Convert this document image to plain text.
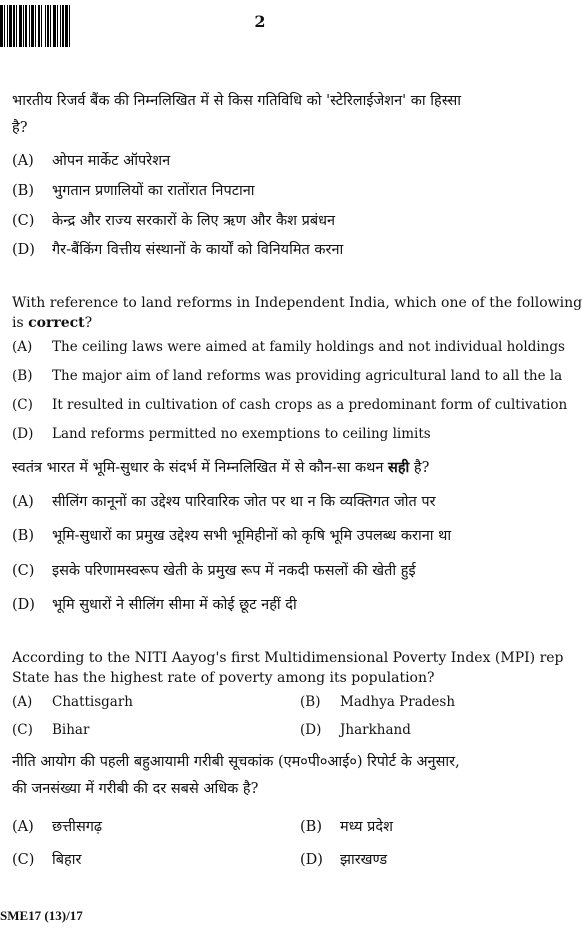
2
भारतीय रिजर्व बैंक की निम्नलिखित में से किस गतिविधि को 'स्टेरिलाईजेशन' का हिस्सा
है?
(A) ओपन मार्केट ऑपरेशन
(B) भुगतान प्रणालियों का रातोंरात निपटाना
(C) केन्द्र और राज्य सरकारों के लिए ऋण और कैश प्रबंधन
(D) गैर-बैंकिंग वित्तीय संस्थानों के कार्यों को विनियमित करना
With reference to land reforms in Independent India, which one of the following
is correct?
(A) The ceiling laws were aimed at family holdings and not individual holdings
(B) The major aim of land reforms was providing agricultural land to all the la
(C) It resulted in cultivation of cash crops as a predominant form of cultivation
(D) Land reforms permitted no exemptions to ceiling limits
स्वतंत्र भारत में भूमि-सुधार के संदर्भ में निम्नलिखित में से कौन-सा कथन सही है?
(A) सीलिंग कानूनों का उद्देश्य पारिवारिक जोत पर था न कि व्यक्तिगत जोत पर
(B) भूमि-सुधारों का प्रमुख उद्देश्य सभी भूमिहीनों को कृषि भूमि उपलब्ध कराना था
(C) इसके परिणामस्वरूप खेती के प्रमुख रूप में नकदी फसलों की खेती हुई
(D) भूमि सुधारों ने सीलिंग सीमा में कोई छूट नहीं दी
According to the NITI Aayog's first Multidimensional Poverty Index (MPI) rep
State has the highest rate of poverty among its population?
(A) Chattisgarh	(B) Madhya Pradesh
(C) Bihar	(D) Jharkhand
नीति आयोग की पहली बहुआयामी गरीबी सूचकांक (एम०पी०आई०) रिपोर्ट के अनुसार,
की जनसंख्या में गरीबी की दर सबसे अधिक है?
(A) छत्तीसगढ़	(B) मध्य प्रदेश
(C) बिहार	(D) झारखण्ड
SME17 (13)/17
